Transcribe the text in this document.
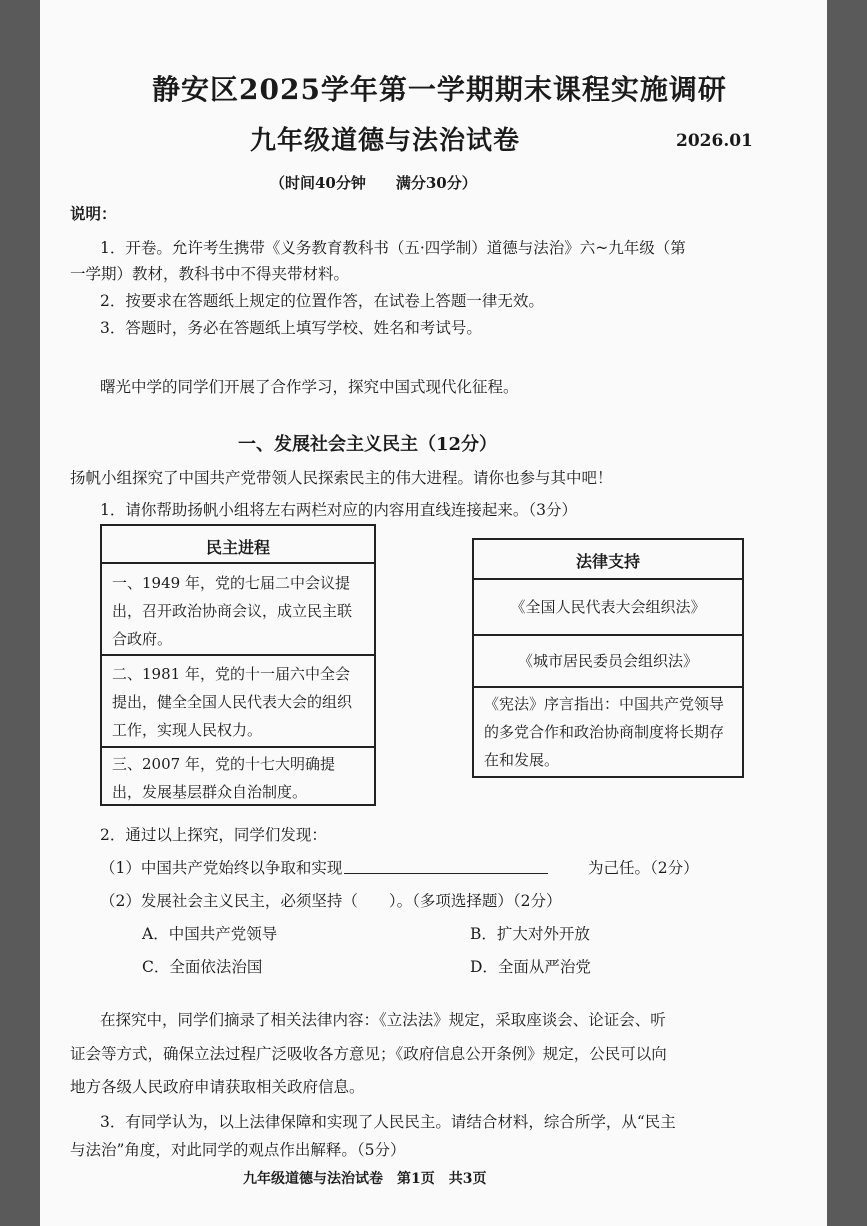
静安区2025学年第一学期期末课程实施调研
九年级道德与法治试卷	2026.01
（时间40分钟　　满分30分）
说明：
1．开卷。允许考生携带《义务教育教科书（五·四学制）道德与法治》六~九年级（第
一学期）教材，教科书中不得夹带材料。
2．按要求在答题纸上规定的位置作答，在试卷上答题一律无效。
3．答题时，务必在答题纸上填写学校、姓名和考试号。
曙光中学的同学们开展了合作学习，探究中国式现代化征程。
一、发展社会主义民主（12分）
扬帆小组探究了中国共产党带领人民探索民主的伟大进程。请你也参与其中吧！
1．请你帮助扬帆小组将左右两栏对应的内容用直线连接起来。（3分）
民主进程
一、1949 年，党的七届二中会议提出，召开政治协商会议，成立民主联合政府。
二、1981 年，党的十一届六中全会提出，健全全国人民代表大会的组织工作，实现人民权力。
三、2007 年，党的十七大明确提出，发展基层群众自治制度。
法律支持
《全国人民代表大会组织法》
《城市居民委员会组织法》
《宪法》序言指出：中国共产党领导的多党合作和政治协商制度将长期存在和发展。
2．通过以上探究，同学们发现：
（1）中国共产党始终以争取和实现	为己任。（2分）
（2）发展社会主义民主，必须坚持（　　）。（多项选择题）（2分）
A．中国共产党领导	B．扩大对外开放
C．全面依法治国	D．全面从严治党
在探究中，同学们摘录了相关法律内容：《立法法》规定，采取座谈会、论证会、听
证会等方式，确保立法过程广泛吸收各方意见；《政府信息公开条例》规定，公民可以向
地方各级人民政府申请获取相关政府信息。
3．有同学认为，以上法律保障和实现了人民民主。请结合材料，综合所学，从“民主
与法治”角度，对此同学的观点作出解释。（5分）
九年级道德与法治试卷　第1页　共3页
